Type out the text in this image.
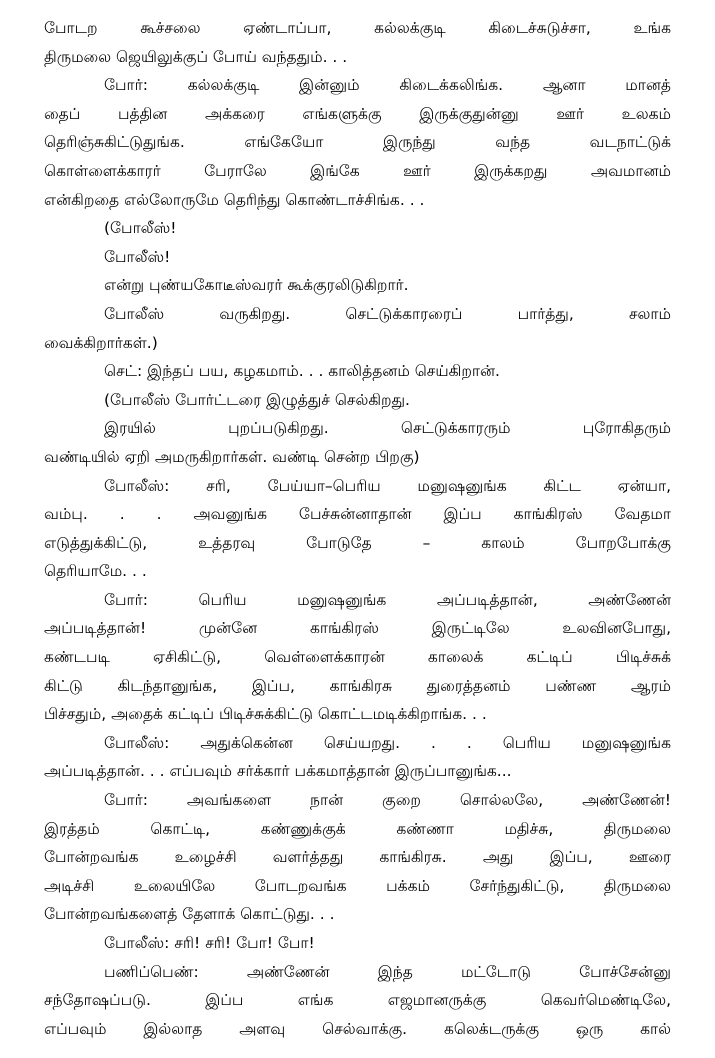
போடற கூச்சலை ஏண்டாப்பா, கல்லக்குடி கிடைச்சுடுச்சா, உங்க
திருமலை ஜெயிலுக்குப் போய் வந்ததும். . .
போர்: கல்லக்குடி இன்னும் கிடைக்கலிங்க. ஆனா மானத்
தைப் பத்தின அக்கரை எங்களுக்கு இருக்குதுன்னு ஊர் உலகம்
தெரிஞ்சுகிட்டுதுங்க. எங்கேயோ இருந்து வந்த வடநாட்டுக்
கொள்ளைக்காரர் பேராலே இங்கே ஊர் இருக்கறது அவமானம்
என்கிறதை எல்லோருமே தெரிந்து கொண்டாச்சிங்க. . .
(போலீஸ்!
போலீஸ்!
என்று புண்யகோடீஸ்வரர் கூக்குரலிடுகிறார்.
போலீஸ் வருகிறது. செட்டுக்காரரைப் பார்த்து, சலாம்
வைக்கிறார்கள்.)
செட்: இந்தப் பய, கழகமாம். . . காலித்தனம் செய்கிறான்.
(போலீஸ் போர்ட்டரை இழுத்துச் செல்கிறது.
இரயில் புறப்படுகிறது. செட்டுக்காரரும் புரோகிதரும்
வண்டியில் ஏறி அமருகிறார்கள். வண்டி சென்ற பிறகு)
போலீஸ்: சரி, பேய்யா–பெரிய மனுஷனுங்க கிட்ட ஏன்யா,
வம்பு. . . அவனுங்க பேச்சுன்னாதான் இப்ப காங்கிரஸ் வேதமா
எடுத்துக்கிட்டு, உத்தரவு போடுதே – காலம் போறபோக்கு
தெரியாமே. . .
போர்: பெரிய மனுஷனுங்க அப்படித்தான், அண்ணேன்
அப்படித்தான்! முன்னே காங்கிரஸ் இருட்டிலே உலவினபோது,
கண்டபடி ஏசிகிட்டு, வெள்ளைக்காரன் காலைக் கட்டிப் பிடிச்சுக்
கிட்டு கிடந்தானுங்க, இப்ப, காங்கிரசு துரைத்தனம் பண்ண ஆரம்
பிச்சதும், அதைக் கட்டிப் பிடிச்சுக்கிட்டு கொட்டமடிக்கிறாங்க. . .
போலீஸ்: அதுக்கென்ன செய்யறது. . . பெரிய மனுஷனுங்க
அப்படித்தான். . . எப்பவும் சர்க்கார் பக்கமாத்தான் இருப்பானுங்க...
போர்: அவங்களை நான் குறை சொல்லலே, அண்ணேன்!
இரத்தம் கொட்டி, கண்ணுக்குக் கண்ணா மதிச்சு, திருமலை
போன்றவங்க உழைச்சி வளர்த்தது காங்கிரசு. அது இப்ப, ஊரை
அடிச்சி உலையிலே போடறவங்க பக்கம் சேர்ந்துகிட்டு, திருமலை
போன்றவங்களைத் தேளாக் கொட்டுது. . .
போலீஸ்: சரி! சரி! போ! போ!
பணிப்பெண்: அண்ணேன் இந்த மட்டோடு போச்சேன்னு
சந்தோஷப்படு. இப்ப எங்க எஜமானருக்கு கெவர்மெண்டிலே,
எப்பவும் இல்லாத அளவு செல்வாக்கு. கலெக்டருக்கு ஒரு கால்
